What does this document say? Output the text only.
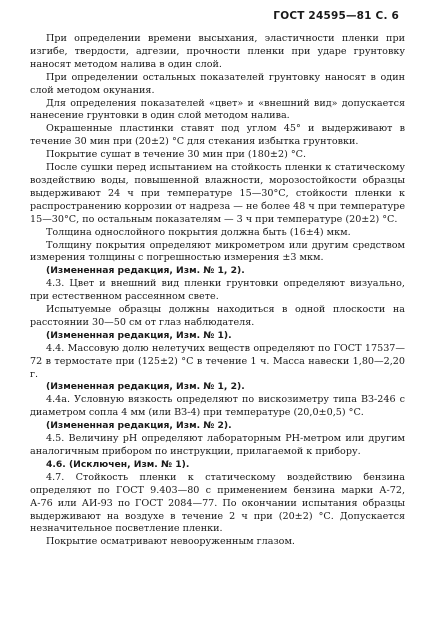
ГОСТ 24595—81 С. 6

При определении времени высыхания, эластичности пленки при изгибе, твердости, адгезии, прочности пленки при ударе грунтовку наносят методом налива в один слой.

При определении остальных показателей грунтовку наносят в один слой методом окунания.

Для определения показателей «цвет» и «внешний вид» допускается нанесение грунтовки в один слой методом налива.

Окрашенные пластинки ставят под углом 45° и выдерживают в течение 30 мин при (20±2) °С для стекания избытка грунтовки.

Покрытие сушат в течение 30 мин при (180±2) °С.

После сушки перед испытанием на стойкость пленки к статическому воздействию воды, повышенной влажности, морозостойкости образцы выдерживают 24 ч при температуре 15—30°С, стойкости пленки к распространению коррозии от надреза — не более 48 ч при температуре 15—30°С, по остальным показателям — 3 ч при температуре (20±2) °С.

Толщина однослойного покрытия должна быть (16±4) мкм.

Толщину покрытия определяют микрометром или другим средством измерения толщины с погрешностью измерения ±3 мкм.

(Измененная редакция, Изм. № 1, 2).

4.3. Цвет и внешний вид пленки грунтовки определяют визуально, при естественном рассеянном свете.

Испытуемые образцы должны находиться в одной плоскости на расстоянии 30—50 см от глаз наблюдателя.

(Измененная редакция, Изм. № 1).

4.4. Массовую долю нелетучих веществ определяют по ГОСТ 17537—72 в термостате при (125±2) °С в течение 1 ч. Масса навески 1,80—2,20 г.

(Измененная редакция, Изм. № 1, 2).

4.4а. Условную вязкость определяют по вискозиметру типа ВЗ-246 с диаметром сопла 4 мм (или ВЗ-4) при температуре (20,0±0,5) °С.

(Измененная редакция, Изм. № 2).

4.5. Величину pH определяют лабораторным PH-метром или другим аналогичным прибором по инструкции, прилагаемой к прибору.

4.6. (Исключен, Изм. № 1).

4.7. Стойкость пленки к статическому воздействию бензина определяют по ГОСТ 9.403—80 с применением бензина марки А-72, А-76 или АИ-93 по ГОСТ 2084—77. По окончании испытания образцы выдерживают на воздухе в течение 2 ч при (20±2) °С. Допускается незначительное посветление пленки.

Покрытие осматривают невооруженным глазом.
